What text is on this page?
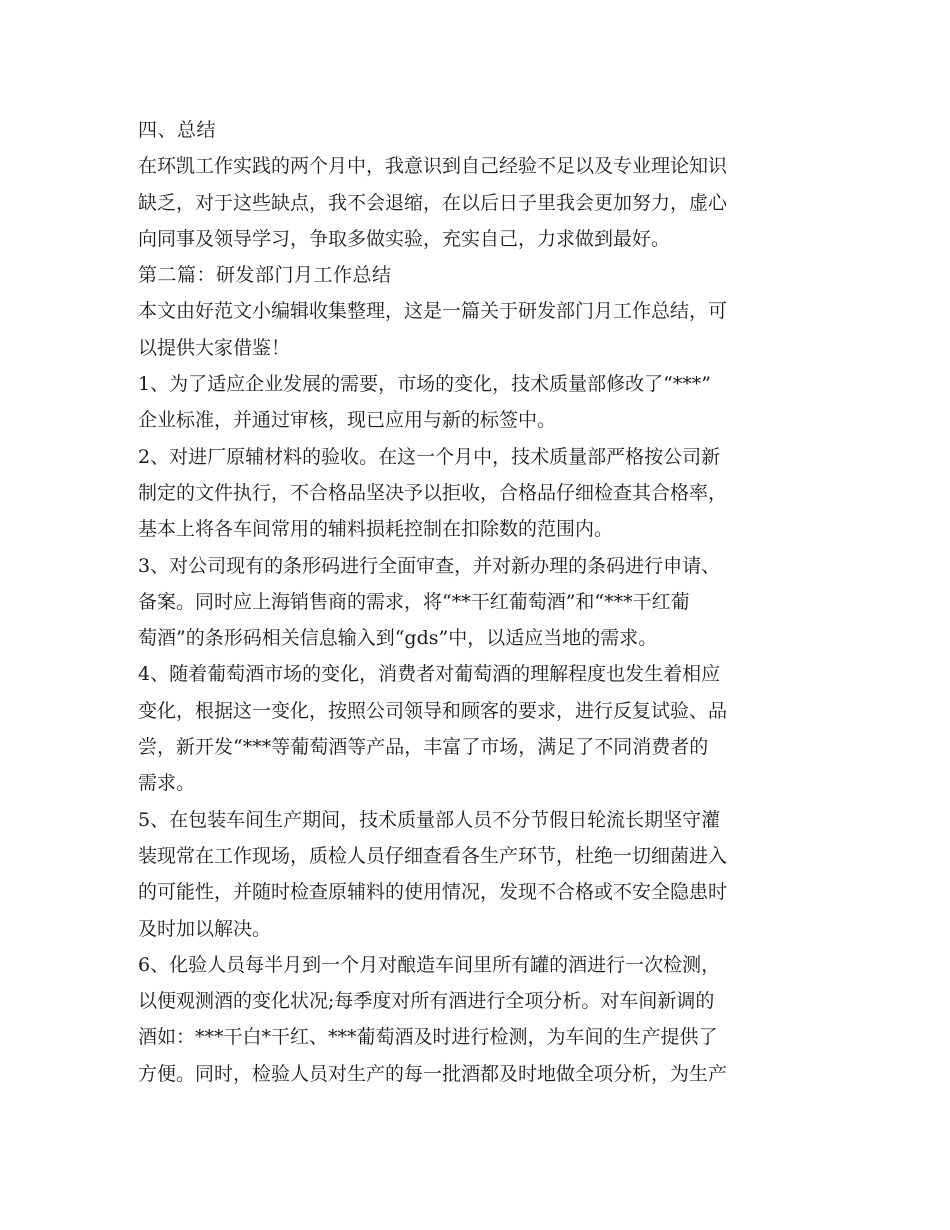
四、总结
在环凯工作实践的两个月中，我意识到自己经验不足以及专业理论知识
缺乏，对于这些缺点，我不会退缩，在以后日子里我会更加努力，虚心
向同事及领导学习，争取多做实验，充实自己，力求做到最好。
第二篇：研发部门月工作总结
本文由好范文小编辑收集整理，这是一篇关于研发部门月工作总结，可
以提供大家借鉴！
1、为了适应企业发展的需要，市场的变化，技术质量部修改了“***”
企业标准，并通过审核，现已应用与新的标签中。
2、对进厂原辅材料的验收。在这一个月中，技术质量部严格按公司新
制定的文件执行，不合格品坚决予以拒收，合格品仔细检查其合格率，
基本上将各车间常用的辅料损耗控制在扣除数的范围内。
3、对公司现有的条形码进行全面审查，并对新办理的条码进行申请、
备案。同时应上海销售商的需求，将“**干红葡萄酒”和“***干红葡
萄酒”的条形码相关信息输入到“gds”中，以适应当地的需求。
4、随着葡萄酒市场的变化，消费者对葡萄酒的理解程度也发生着相应
变化，根据这一变化，按照公司领导和顾客的要求，进行反复试验、品
尝，新开发“***等葡萄酒等产品，丰富了市场，满足了不同消费者的
需求。
5、在包装车间生产期间，技术质量部人员不分节假日轮流长期坚守灌
装现常在工作现场，质检人员仔细查看各生产环节，杜绝一切细菌进入
的可能性，并随时检查原辅料的使用情况，发现不合格或不安全隐患时
及时加以解决。
6、化验人员每半月到一个月对酿造车间里所有罐的酒进行一次检测，
以便观测酒的变化状况;每季度对所有酒进行全项分析。对车间新调的
酒如：***干白*干红、***葡萄酒及时进行检测，为车间的生产提供了
方便。同时，检验人员对生产的每一批酒都及时地做全项分析，为生产
